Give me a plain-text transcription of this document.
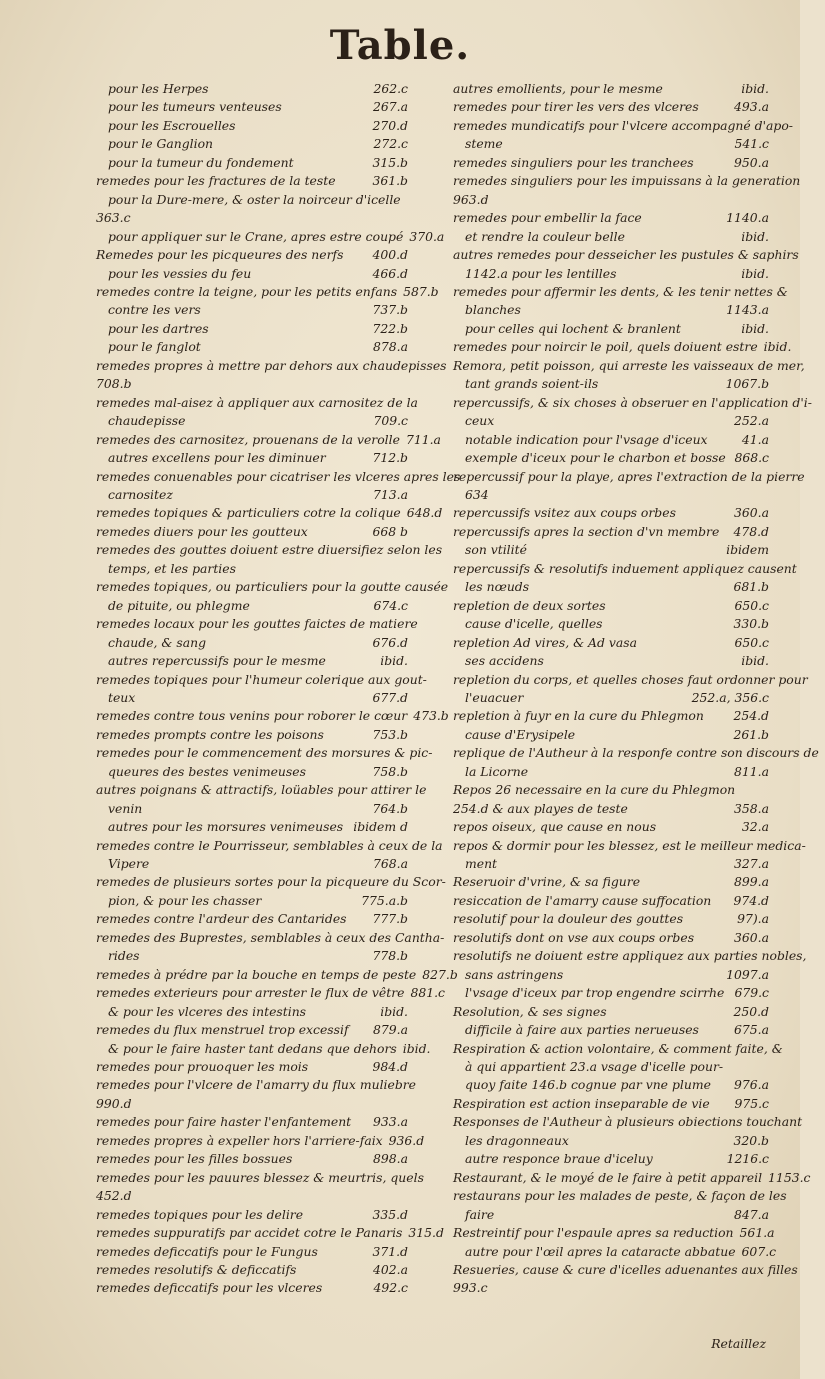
Table.
pour les Herpes	262.c
pour les tumeurs venteuses	267.a
pour les Escrouelles	270.d
pour le Ganglion	272.c
pour la tumeur du fondement	315.b
remedes pour les fractures de la teste	361.b
pour la Dure-mere, & oster la noirceur d'icelle
363.c
pour appliquer sur le Crane, apres estre coupé 370.a
Remedes pour les picqueures des nerfs	400.d
pour les vessies du feu	466.d
remedes contre la teigne, pour les petits enfans 587.b
contre les vers	737.b
pour les dartres	722.b
pour le fanglot	878.a
remedes propres à mettre par dehors aux chaudepisses
708.b
remedes mal-aisez à appliquer aux carnositez de la
chaudepisse	709.c
remedes des carnositez, prouenans de la verolle 711.a
autres excellens pour les diminuer	712.b
remedes conuenables pour cicatriser les vlceres apres les
carnositez	713.a
remedes topiques & particuliers cotre la colique 648.d
remedes diuers pour les goutteux	668 b
remedes des gouttes doiuent estre diuersifiez selon les
temps, et les parties
remedes topiques, ou particuliers pour la goutte causée
de pituite, ou phlegme	674.c
remedes locaux pour les gouttes faictes de matiere
chaude, & sang	676.d
autres repercussifs pour le mesme	ibid.
remedes topiques pour l'humeur colerique aux gout-
teux	677.d
remedes contre tous venins pour roborer le cœur 473.b
remedes prompts contre les poisons	753.b
remedes pour le commencement des morsures & pic-
queures des bestes venimeuses	758.b
autres poignans & attractifs, loüables pour attirer le
venin	764.b
autres pour les morsures venimeuses ibidem d
remedes contre le Pourrisseur, semblables à ceux de la
Vipere	768.a
remedes de plusieurs sortes pour la picqueure du Scor-
pion, & pour les chasser	775.a.b
remedes contre l'ardeur des Cantarides	777.b
remedes des Buprestes, semblables à ceux des Cantha-
rides	778.b
remedes à prédre par la bouche en temps de peste 827.b
remedes exterieurs pour arrester le flux de vêtre 881.c
& pour les vlceres des intestins	ibid.
remedes du flux menstruel trop excessif	879.a
& pour le faire haster tant dedans que dehors ibid.
remedes pour prouoquer les mois	984.d
remedes pour l'vlcere de l'amarry du flux muliebre
990.d
remedes pour faire haster l'enfantement	933.a
remedes propres à expeller hors l'arriere-faix 936.d
remedes pour les filles bossues	898.a
remedes pour les pauures blessez & meurtris, quels
452.d
remedes topiques pour les delire	335.d
remedes suppuratifs par accidet cotre le Panaris 315.d
remedes deficcatifs pour le Fungus	371.d
remedes resolutifs & deficcatifs	402.a
remedes deficcatifs pour les vlceres	492.c
autres emollients, pour le mesme	ibid.
remedes pour tirer les vers des vlceres	493.a
remedes mundicatifs pour l'vlcere accompagné d'apo-
steme	541.c
remedes singuliers pour les tranchees	950.a
remedes singuliers pour les impuissans à la generation
963.d
remedes pour embellir la face	1140.a
et rendre la couleur belle	ibid.
autres remedes pour desseicher les pustules & saphirs
1142.a pour les lentilles	ibid.
remedes pour affermir les dents, & les tenir nettes &
blanches	1143.a
pour celles qui lochent & branlent	ibid.
remedes pour noircir le poil, quels doiuent estre ibid.
Remora, petit poisson, qui arreste les vaisseaux de mer,
tant grands soient-ils	1067.b
repercussifs, & six choses à obseruer en l'application d'i-
ceux	252.a
notable indication pour l'vsage d'iceux	41.a
exemple d'iceux pour le charbon et bosse 868.c
repercussif pour la playe, apres l'extraction de la pierre
634
repercussifs vsitez aux coups orbes	360.a
repercussifs apres la section d'vn membre	478.d
son vtilité	ibidem
repercussifs & resolutifs induement appliquez causent
les nœuds	681.b
repletion de deux sortes	650.c
cause d'icelle, quelles	330.b
repletion Ad vires, & Ad vasa	650.c
ses accidens	ibid.
repletion du corps, et quelles choses faut ordonner pour
l'euacuer	252.a, 356.c
repletion à fuyr en la cure du Phlegmon	254.d
cause d'Erysipele	261.b
replique de l'Autheur à la responfe contre son discours de
la Licorne	811.a
Repos 26 necessaire en la cure du Phlegmon
254.d & aux playes de teste	358.a
repos oiseux, que cause en nous	32.a
repos & dormir pour les blessez, est le meilleur medica-
ment	327.a
Reseruoir d'vrine, & sa figure	899.a
resiccation de l'amarry cause suffocation	974.d
resolutif pour la douleur des gouttes	97).a
resolutifs dont on vse aux coups orbes	360.a
resolutifs ne doiuent estre appliquez aux parties nobles,
sans astringens	1097.a
l'vsage d'iceux par trop engendre scirrhe 679.c
Resolution, & ses signes	250.d
difficile à faire aux parties nerueuses	675.a
Respiration & action volontaire, & comment faite, &
à qui appartient 23.a vsage d'icelle pour-
quoy faite 146.b cognue par vne plume	976.a
Respiration est action inseparable de vie	975.c
Responses de l'Autheur à plusieurs obiections touchant
les dragonneaux	320.b
autre responce braue d'iceluy	1216.c
Restaurant, & le moyé de le faire à petit appareil 1153.c
restaurans pour les malades de peste, & façon de les
faire	847.a
Restreintif pour l'espaule apres sa reduction 561.a
autre pour l'œil apres la cataracte abbatue 607.c
Resueries, cause & cure d'icelles aduenantes aux filles
993.c
Retaillez
